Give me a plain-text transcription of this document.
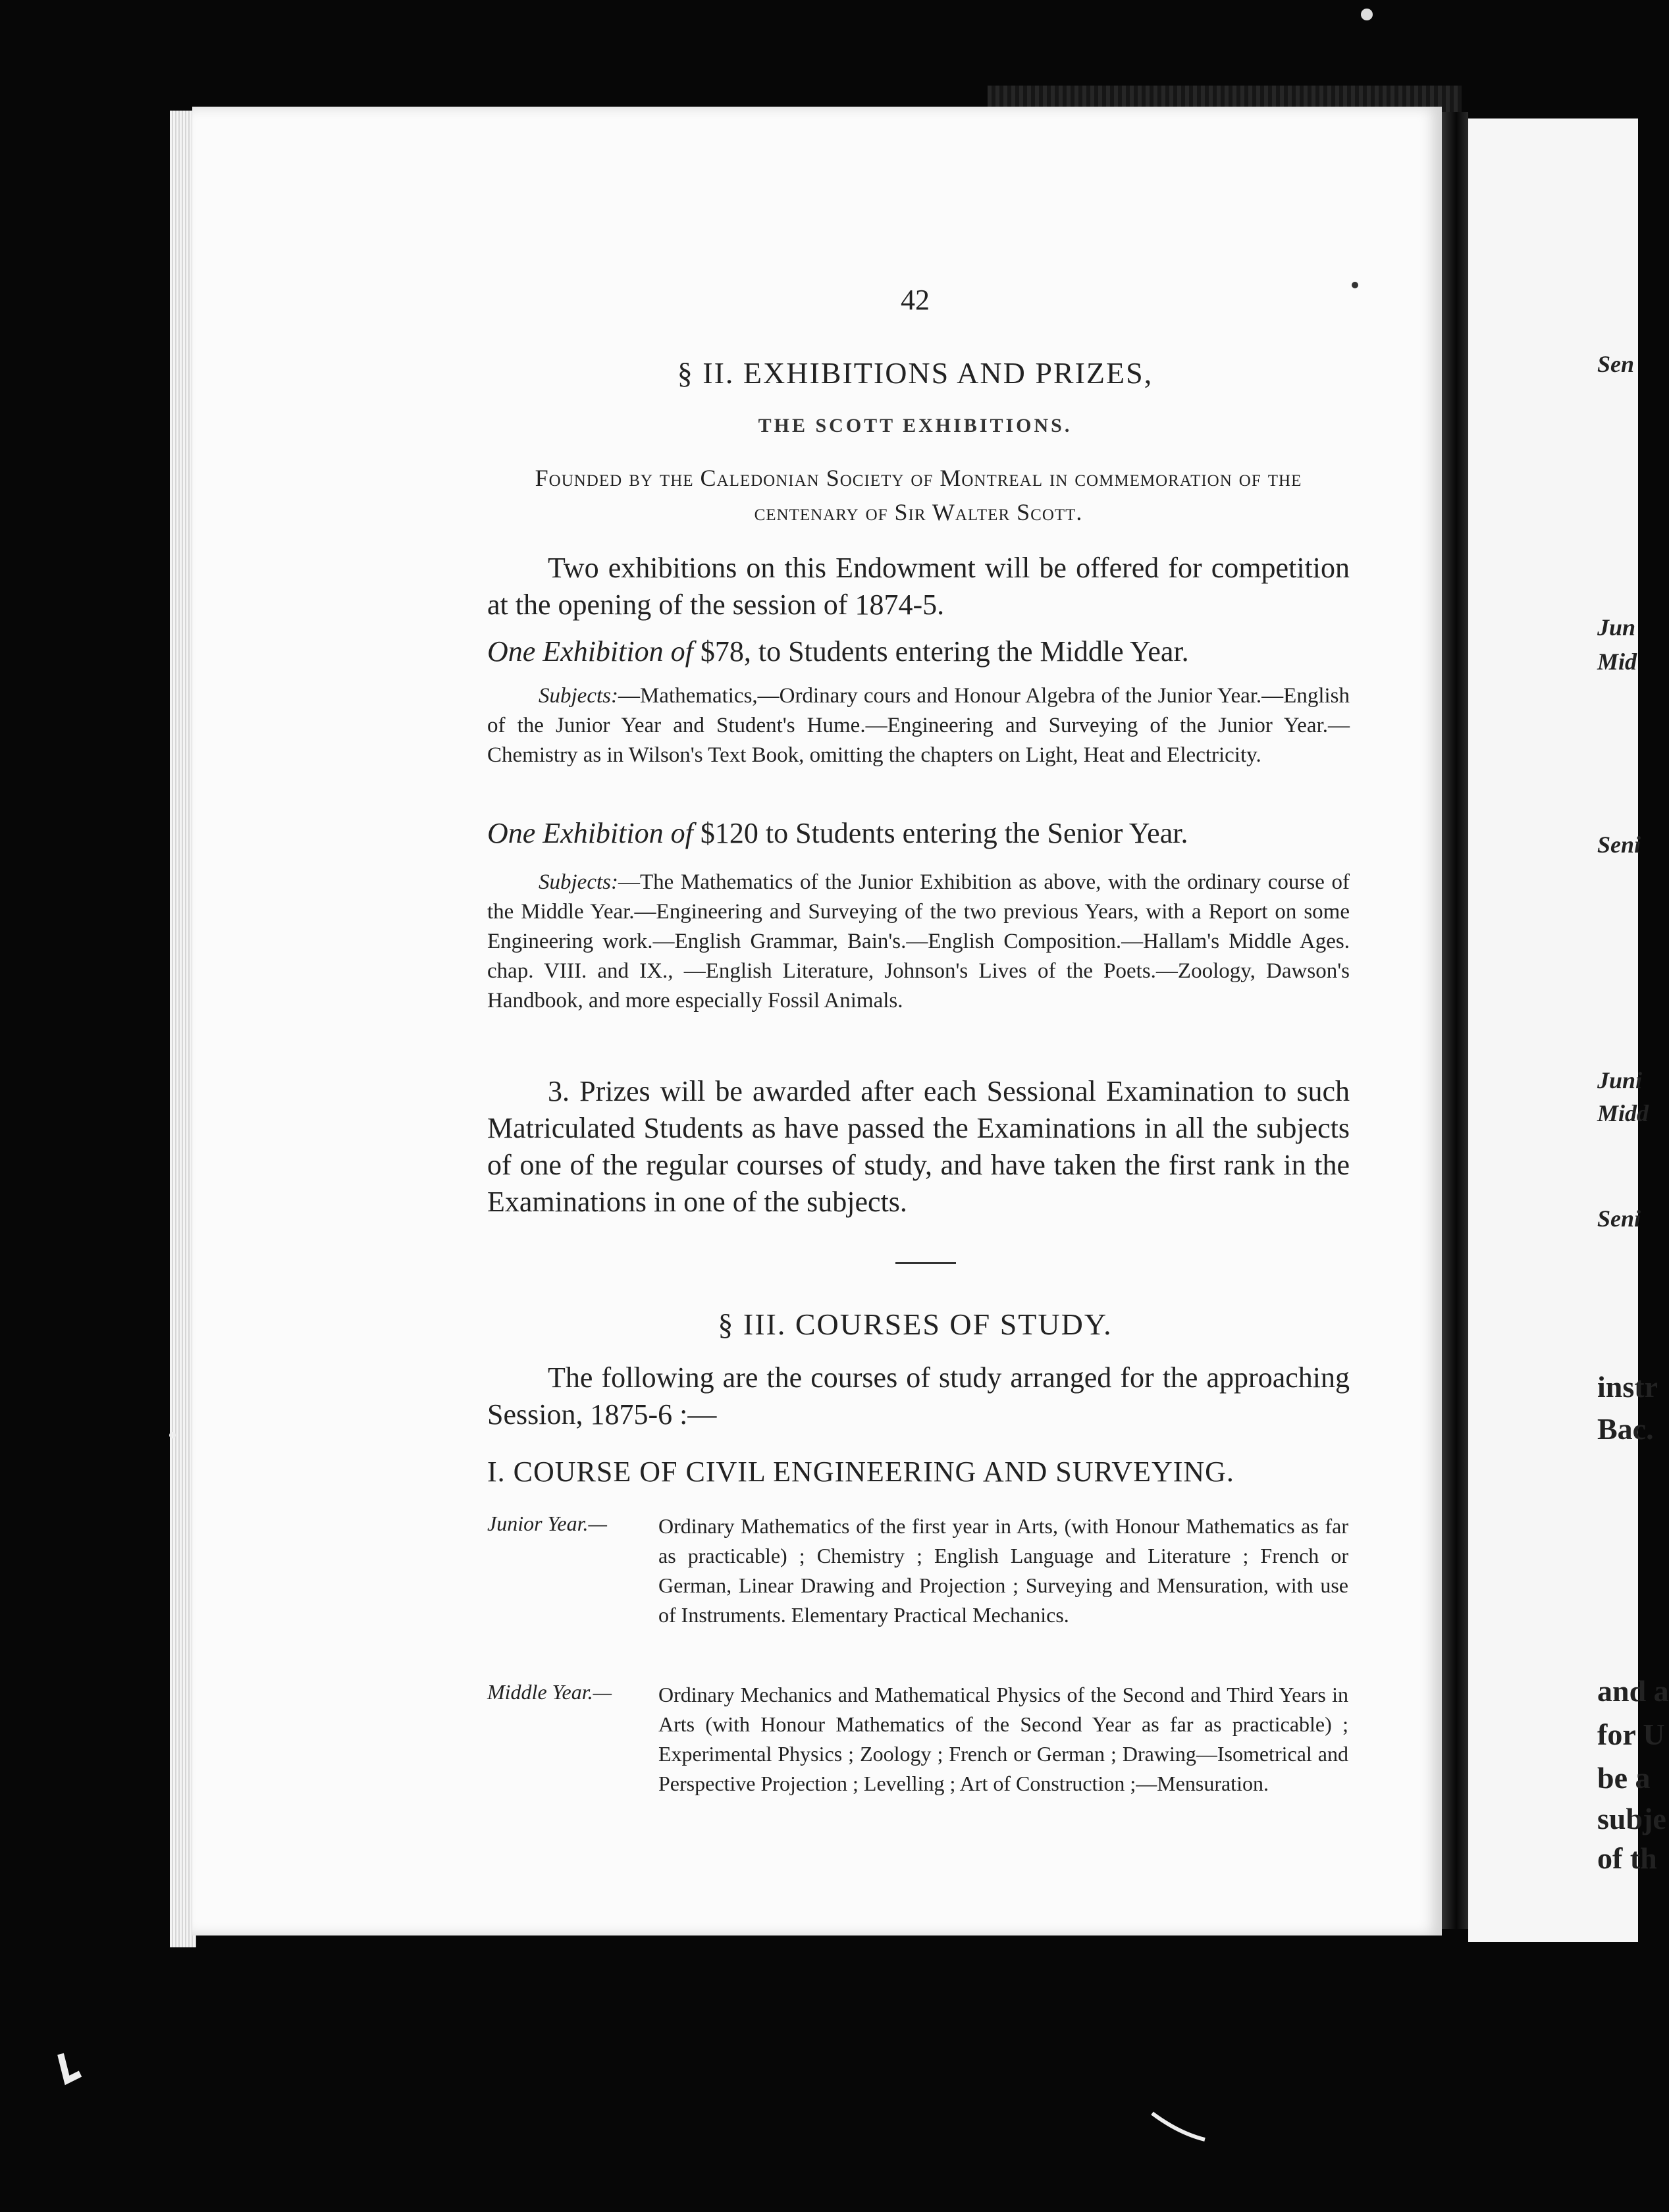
Sen
Jun
Mid
Seni
Juni
Midd
Seni
instr
Bac.
and a
for U
be a
subje
of th
42
§ II. EXHIBITIONS AND PRIZES,
THE SCOTT EXHIBITIONS.
Founded by the Caledonian Society of Montreal in commemoration of the centenary of Sir Walter Scott.
Two exhibitions on this Endowment will be offered for competition at the opening of the session of 1874-5.
One Exhibition of $78, to Students entering the Middle Year.
Subjects:—Mathematics,—Ordinary cours and Honour Algebra of the Junior Year.—English of the Junior Year and Student's Hume.—Engineering and Surveying of the Junior Year.—Chemistry as in Wilson's Text Book, omitting the chapters on Light, Heat and Electricity.
One Exhibition of $120 to Students entering the Senior Year.
Subjects:—The Mathematics of the Junior Exhibition as above, with the ordinary course of the Middle Year.—Engineering and Surveying of the two previous Years, with a Report on some Engineering work.—English Grammar, Bain's.—English Composition.—Hallam's Middle Ages. chap. VIII. and IX., —English Literature, Johnson's Lives of the Poets.—Zoology, Dawson's Handbook, and more especially Fossil Animals.
3. Prizes will be awarded after each Sessional Examination to such Matriculated Students as have passed the Examinations in all the subjects of one of the regular courses of study, and have taken the first rank in the Examinations in one of the subjects.
§ III. COURSES OF STUDY.
The following are the courses of study arranged for the approaching Session, 1875-6 :—
I. COURSE OF CIVIL ENGINEERING AND SURVEYING.
Junior Year.—	Ordinary Mathematics of the first year in Arts, (with Honour Mathematics as far as practicable) ; Chemistry ; English Language and Literature ; French or German, Linear Drawing and Projection ; Surveying and Mensuration, with use of Instruments. Elementary Practical Mechanics.
Middle Year.—	Ordinary Mechanics and Mathematical Physics of the Second and Third Years in Arts (with Honour Mathematics of the Second Year as far as practicable) ; Experimental Physics ; Zoology ; French or German ; Drawing—Isometrical and Perspective Projection ; Levelling ; Art of Construction ;—Mensuration.
